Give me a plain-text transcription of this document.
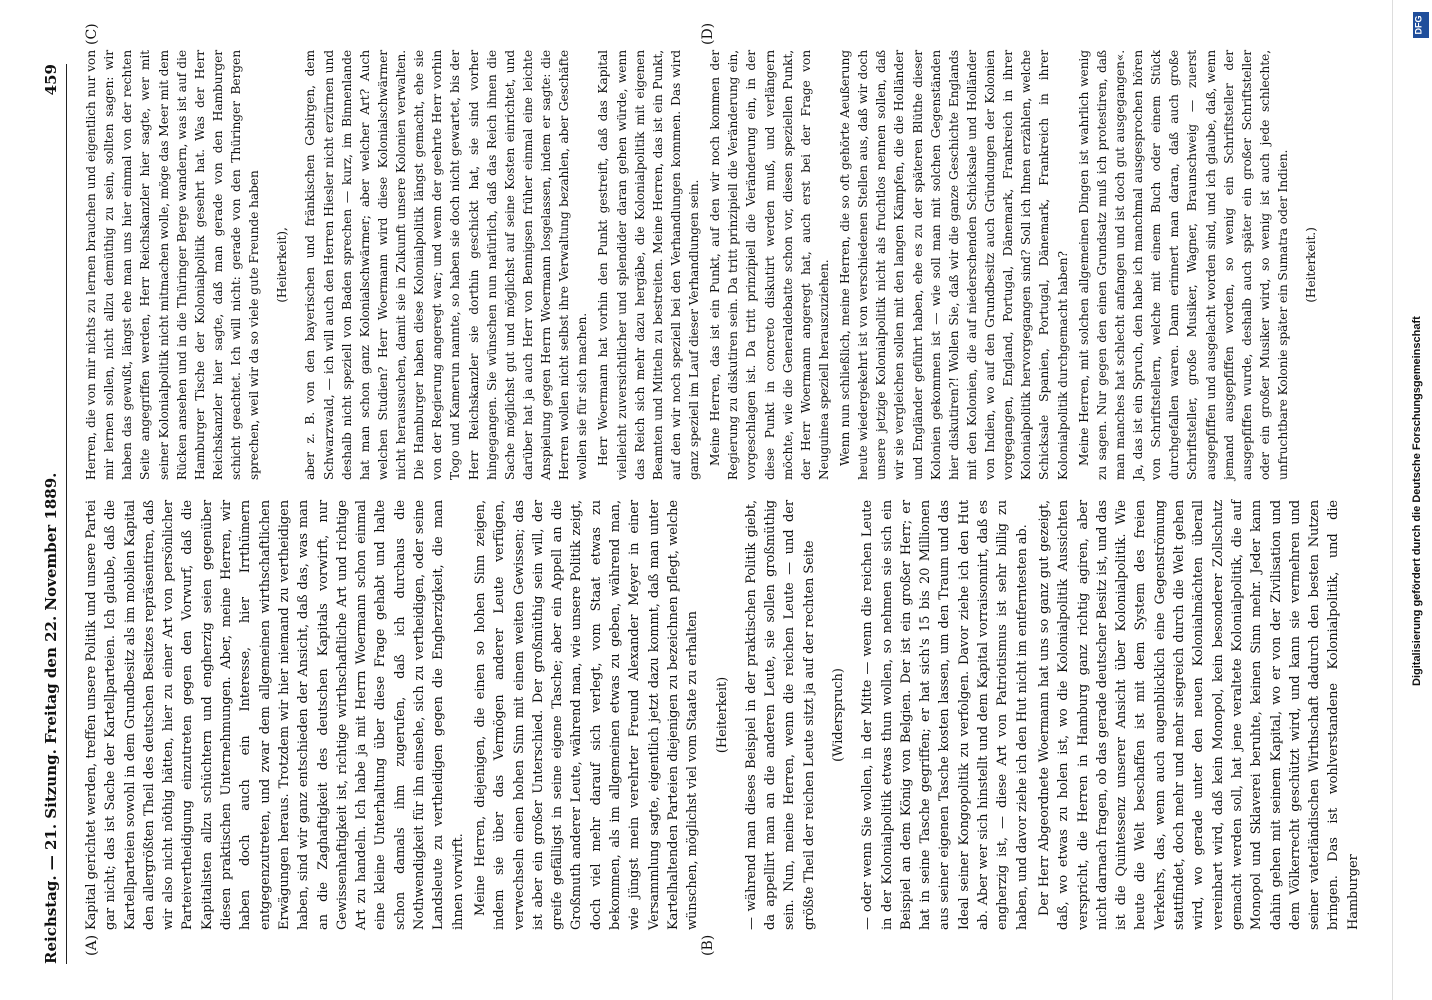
Reichstag. — 21. Sitzung. Freitag den 22. November 1889.
459
(A)	(B)
(C)	(D)

Kapital gerichtet werden, treffen unsere Politik und unsere Partei gar nicht; das ist Sache der Kartellparteien. Ich glaube, daß die Kartellparteien sowohl in dem Grundbesitz als im mobilen Kapital den allergrößten Theil des deutschen Besitzes repräsentiren, daß wir also nicht nöthig hätten, hier zu einer Art von persönlicher Parteivertheidigung einzutreten gegen den Vorwurf, daß die Kapitalisten allzu schüchtern und engherzig seien gegenüber diesen praktischen Unternehmungen. Aber, meine Herren, wir haben doch auch ein Interesse, hier Irrthümern entgegenzutreten, und zwar dem allgemeinen wirthschaftlichen Erwägungen heraus. Trotzdem wir hier niemand zu vertheidigen haben, sind wir ganz entschieden der Ansicht, daß das, was man an die Zaghaftigkeit des deutschen Kapitals vorwirft, nur Gewissenhaftigkeit ist, richtige wirthschaftliche Art und richtige Art zu handeln. Ich habe ja mit Herrn Woermann schon einmal eine kleine Unterhaltung über diese Frage gehabt und halte schon damals ihm zugerufen, daß ich durchaus die Nothwendigkeit für ihn einsehe, sich zu vertheidigen, oder seine Landsleute zu vertheidigen gegen die Engherzigkeit, die man ihnen vorwirft. Meine Herren, diejenigen, die einen so hohen Sinn zeigen, indem sie über das Vermögen anderer Leute verfügen, verwechseln einen hohen Sinn mit einem weiten Gewissen; das ist aber ein großer Unterschied. Der großmüthig sein will, der greife gefälligst in seine eigene Tasche; aber ein Appell an die Großmuth anderer Leute, während man, wie unsere Politik zeigt, doch viel mehr darauf sich verlegt, vom Staat etwas zu bekommen, als im allgemeinen etwas zu geben, während man, wie jüngst mein verehrter Freund Alexander Meyer in einer Versammlung sagte, eigentlich jetzt dazu kommt, daß man unter Kartelhaltenden Parteien diejenigen zu bezeichnen pflegt, welche wünschen, möglichst viel vom Staate zu erhalten (Heiterkeit) — während man dieses Beispiel in der praktischen Politik giebt, da appellirt man an die anderen Leute, sie sollen großmüthig sein. Nun, meine Herren, wenn die reichen Leute — und der größte Theil der reichen Leute sitzt ja auf der rechten Seite (Widerspruch) — oder wenn Sie wollen, in der Mitte — wenn die reichen Leute in der Kolonialpolitik etwas thun wollen, so nehmen sie sich ein Beispiel an dem König von Belgien. Der ist ein großer Herr; er hat in seine Tasche gegriffen; er hat sich's 15 bis 20 Millionen aus seiner eigenen Tasche kosten lassen, um den Traum und das Ideal seiner Kongopolitik zu verfolgen. Davor ziehe ich den Hut ab. Aber wer sich hinstellt und dem Kapital vorraisonnirt, daß es engherzig ist, — diese Art von Patriotismus ist sehr billig zu haben, und davor ziehe ich den Hut nicht im entferntesten ab. Der Herr Abgeordnete Woermann hat uns so ganz gut gezeigt, daß, wo etwas zu holen ist, wo die Kolonialpolitik Aussichten verspricht, die Herren in Hamburg ganz richtig agiren, aber nicht darnach fragen, ob das gerade deutscher Besitz ist, und das ist die Quintessenz unserer Ansicht über Kolonialpolitik. Wie heute die Welt beschaffen ist mit dem System des freien Verkehrs, das, wenn auch augenblicklich eine Gegenströmung stattfindet, doch mehr und mehr siegreich durch die Welt gehen wird, wo gerade unter den neuen Kolonialmächten überall vereinbart wird, daß kein Monopol, kein besonderer Zollschutz gemacht werden soll, hat jene veraltete Kolonialpolitik, die auf Monopol und Sklaverei beruhte, keinen Sinn mehr. Jeder kann dahin gehen mit seinem Kapital, wo er von der Zivilisation und dem Völkerrecht geschützt wird, und kann sie vermehren und seiner vaterländischen Wirthschaft dadurch den besten Nutzen bringen. Das ist wohlverstandene Kolonialpolitik, und die Hamburger

Herren, die von mir nichts zu lernen brauchen und eigentlich nur von mir lernen sollen, nicht allzu demüthig zu sein, sollten sagen: wir haben das gewußt, längst ehe man uns hier einmal von der rechten Seite angegriffen werden, Herr Reichskanzler hier sagte, wer mit seiner Kolonialpolitik nicht mitmachen wolle, möge das Meer mit dem Rücken ansehen und in die Thüringer Berge wandern, was ist auf die Hamburger Tische der Kolonialpolitik gesehrt hat. Was der Herr Reichskanzler hier sagte, daß man gerade von den Hamburger schicht geachtet. Ich will nicht: gerade von den Thüringer Bergen sprechen, weil wir da so viele gute Freunde haben (Heiterkeit), aber z. B. von den bayerischen und fränkischen Gebirgen, dem Schwarzwald, — ich will auch den Herren Hiesler nicht erzürnen und deshalb nicht speziell von Baden sprechen — kurz, im Binnenlande hat man schon ganz Kolonialschwärmer; aber welcher Art? Auch welchen Studien? Herr Woermann wird diese Kolonialschwärmer nicht heraussuchen, damit sie in Zukunft unsere Kolonien verwalten. Die Hamburger haben diese Kolonialpolitik längst gemacht, ehe sie von der Regierung angeregt war; und wenn der geehrte Herr vorhin Togo und Kamerun nannte, so haben sie doch nicht gewartet, bis der Herr Reichskanzler sie dorthin geschickt hat, sie sind vorher hingegangen. Sie wünschen nun natürlich, daß das Reich ihnen die Sache möglichst gut und möglichst auf seine Kosten einrichtet, und darüber hat ja auch Herr von Bennigsen früher einmal eine leichte Anspielung gegen Herrn Woermann losgelassen, indem er sagte: die Herren wollen nicht selbst ihre Verwaltung bezahlen, aber Geschäfte wollen sie für sich machen. Herr Woermann hat vorhin den Punkt gestreift, daß das Kapital vielleicht zuversichtlicher und splendider daran gehen würde, wenn das Reich sich mehr dazu hergäbe, die Kolonialpolitik mit eigenen Beamten und Mitteln zu bestreiten. Meine Herren, das ist ein Punkt, auf den wir noch speziell bei den Verhandlungen kommen. Das wird ganz speziell im Lauf dieser Verhandlungen sein. Meine Herren, das ist ein Punkt, auf den wir noch kommen der Regierung zu diskutiren sein. Da tritt prinzipiell die Veränderung ein, vorgeschlagen ist. Da tritt prinzipiell die Veränderung ein, in der diese Punkt in concreto diskutirt werden muß, und verlängern möchte, wie die Generaldebatte schon vor, diesen speziellen Punkt, der Herr Woermann angeregt hat, auch erst bei der Frage von Neuguinea speziell herauszuziehen. Wenn nun schließlich, meine Herren, die so oft gehörte Aeußerung heute wiedergekehrt ist von verschiedenen Stellen aus, daß wir doch unsere jetzige Kolonialpolitik nicht als fruchtlos nennen sollen, daß wir sie vergleichen sollen mit den langen Kämpfen, die die Holländer und Engländer geführt haben, ehe es zu der späteren Blüthe dieser Kolonien gekommen ist — wie soll man mit solchen Gegenständen hier diskutiren?! Wollen Sie, daß wir die ganze Geschichte Englands mit den Kolonien, die auf niederschenden Schicksale und Holländer von Indien, wo auf den Grundbesitz auch Gründungen der Kolonien vorgegangen, England, Portugal, Dänemark, Frankreich in ihrer Kolonialpolitik hervorgegangen sind? Soll ich Ihnen erzählen, welche Schicksale Spanien, Portugal, Dänemark, Frankreich in ihrer Kolonialpolitik durchgemacht haben? Meine Herren, mit solchen allgemeinen Dingen ist wahrlich wenig zu sagen. Nur gegen den einen Grundsatz muß ich protestiren, daß man manches hat schlecht anfangen und ist doch gut ausgegangen«. Ja, das ist ein Spruch, den habe ich manchmal ausgesprochen hören von Schriftstellern, welche mit einem Buch oder einem Stück durchgefallen waren. Dann erinnert man daran, daß auch große Schriftsteller, große Musiker, Wagner, Braunschweig — zuerst ausgepfiffen und ausgelacht worden sind, und ich glaube, daß, wenn jemand ausgepfiffen worden, so wenig ein Schriftsteller der ausgepfiffen wurde, deshalb auch später ein großer Schriftsteller oder ein großer Musiker wird, so wenig ist auch jede schlechte, unfruchtbare Kolonie später ein Sumatra oder Indien. (Heiterkeit.)

Digitalisierung gefördert durch die Deutsche Forschungsgemeinschaft
DFG
